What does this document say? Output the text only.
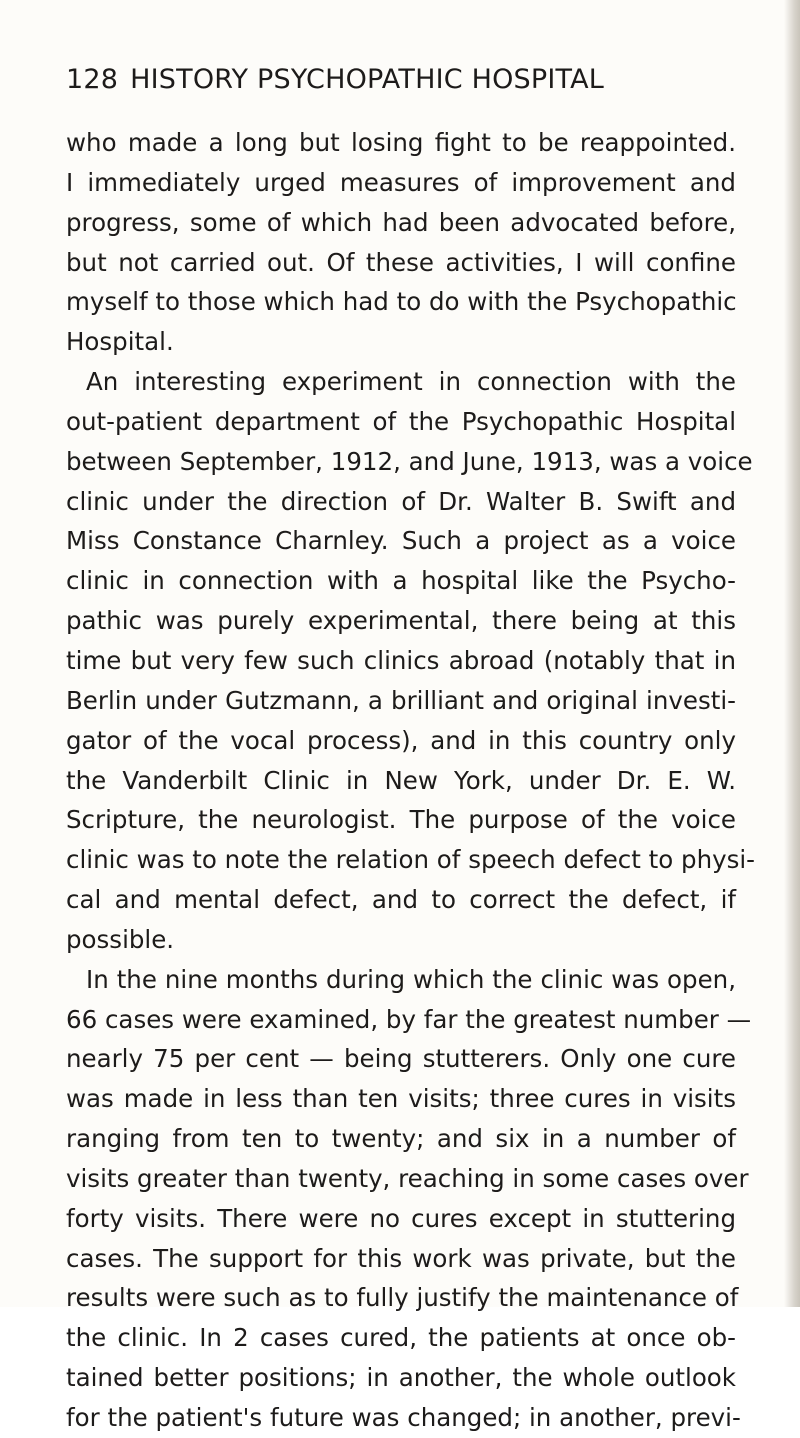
128 HISTORY PSYCHOPATHIC HOSPITAL
who made a long but losing fight to be reappointed.
I immediately urged measures of improvement and
progress, some of which had been advocated before,
but not carried out. Of these activities, I will confine
myself to those which had to do with the Psychopathic
Hospital.
An interesting experiment in connection with the
out-patient department of the Psychopathic Hospital
between September, 1912, and June, 1913, was a voice
clinic under the direction of Dr. Walter B. Swift and
Miss Constance Charnley. Such a project as a voice
clinic in connection with a hospital like the Psycho-
pathic was purely experimental, there being at this
time but very few such clinics abroad (notably that in
Berlin under Gutzmann, a brilliant and original investi-
gator of the vocal process), and in this country only
the Vanderbilt Clinic in New York, under Dr. E. W.
Scripture, the neurologist. The purpose of the voice
clinic was to note the relation of speech defect to physi-
cal and mental defect, and to correct the defect, if
possible.
In the nine months during which the clinic was open,
66 cases were examined, by far the greatest number —
nearly 75 per cent — being stutterers. Only one cure
was made in less than ten visits; three cures in visits
ranging from ten to twenty; and six in a number of
visits greater than twenty, reaching in some cases over
forty visits. There were no cures except in stuttering
cases. The support for this work was private, but the
results were such as to fully justify the maintenance of
the clinic. In 2 cases cured, the patients at once ob-
tained better positions; in another, the whole outlook
for the patient's future was changed; in another, previ-
